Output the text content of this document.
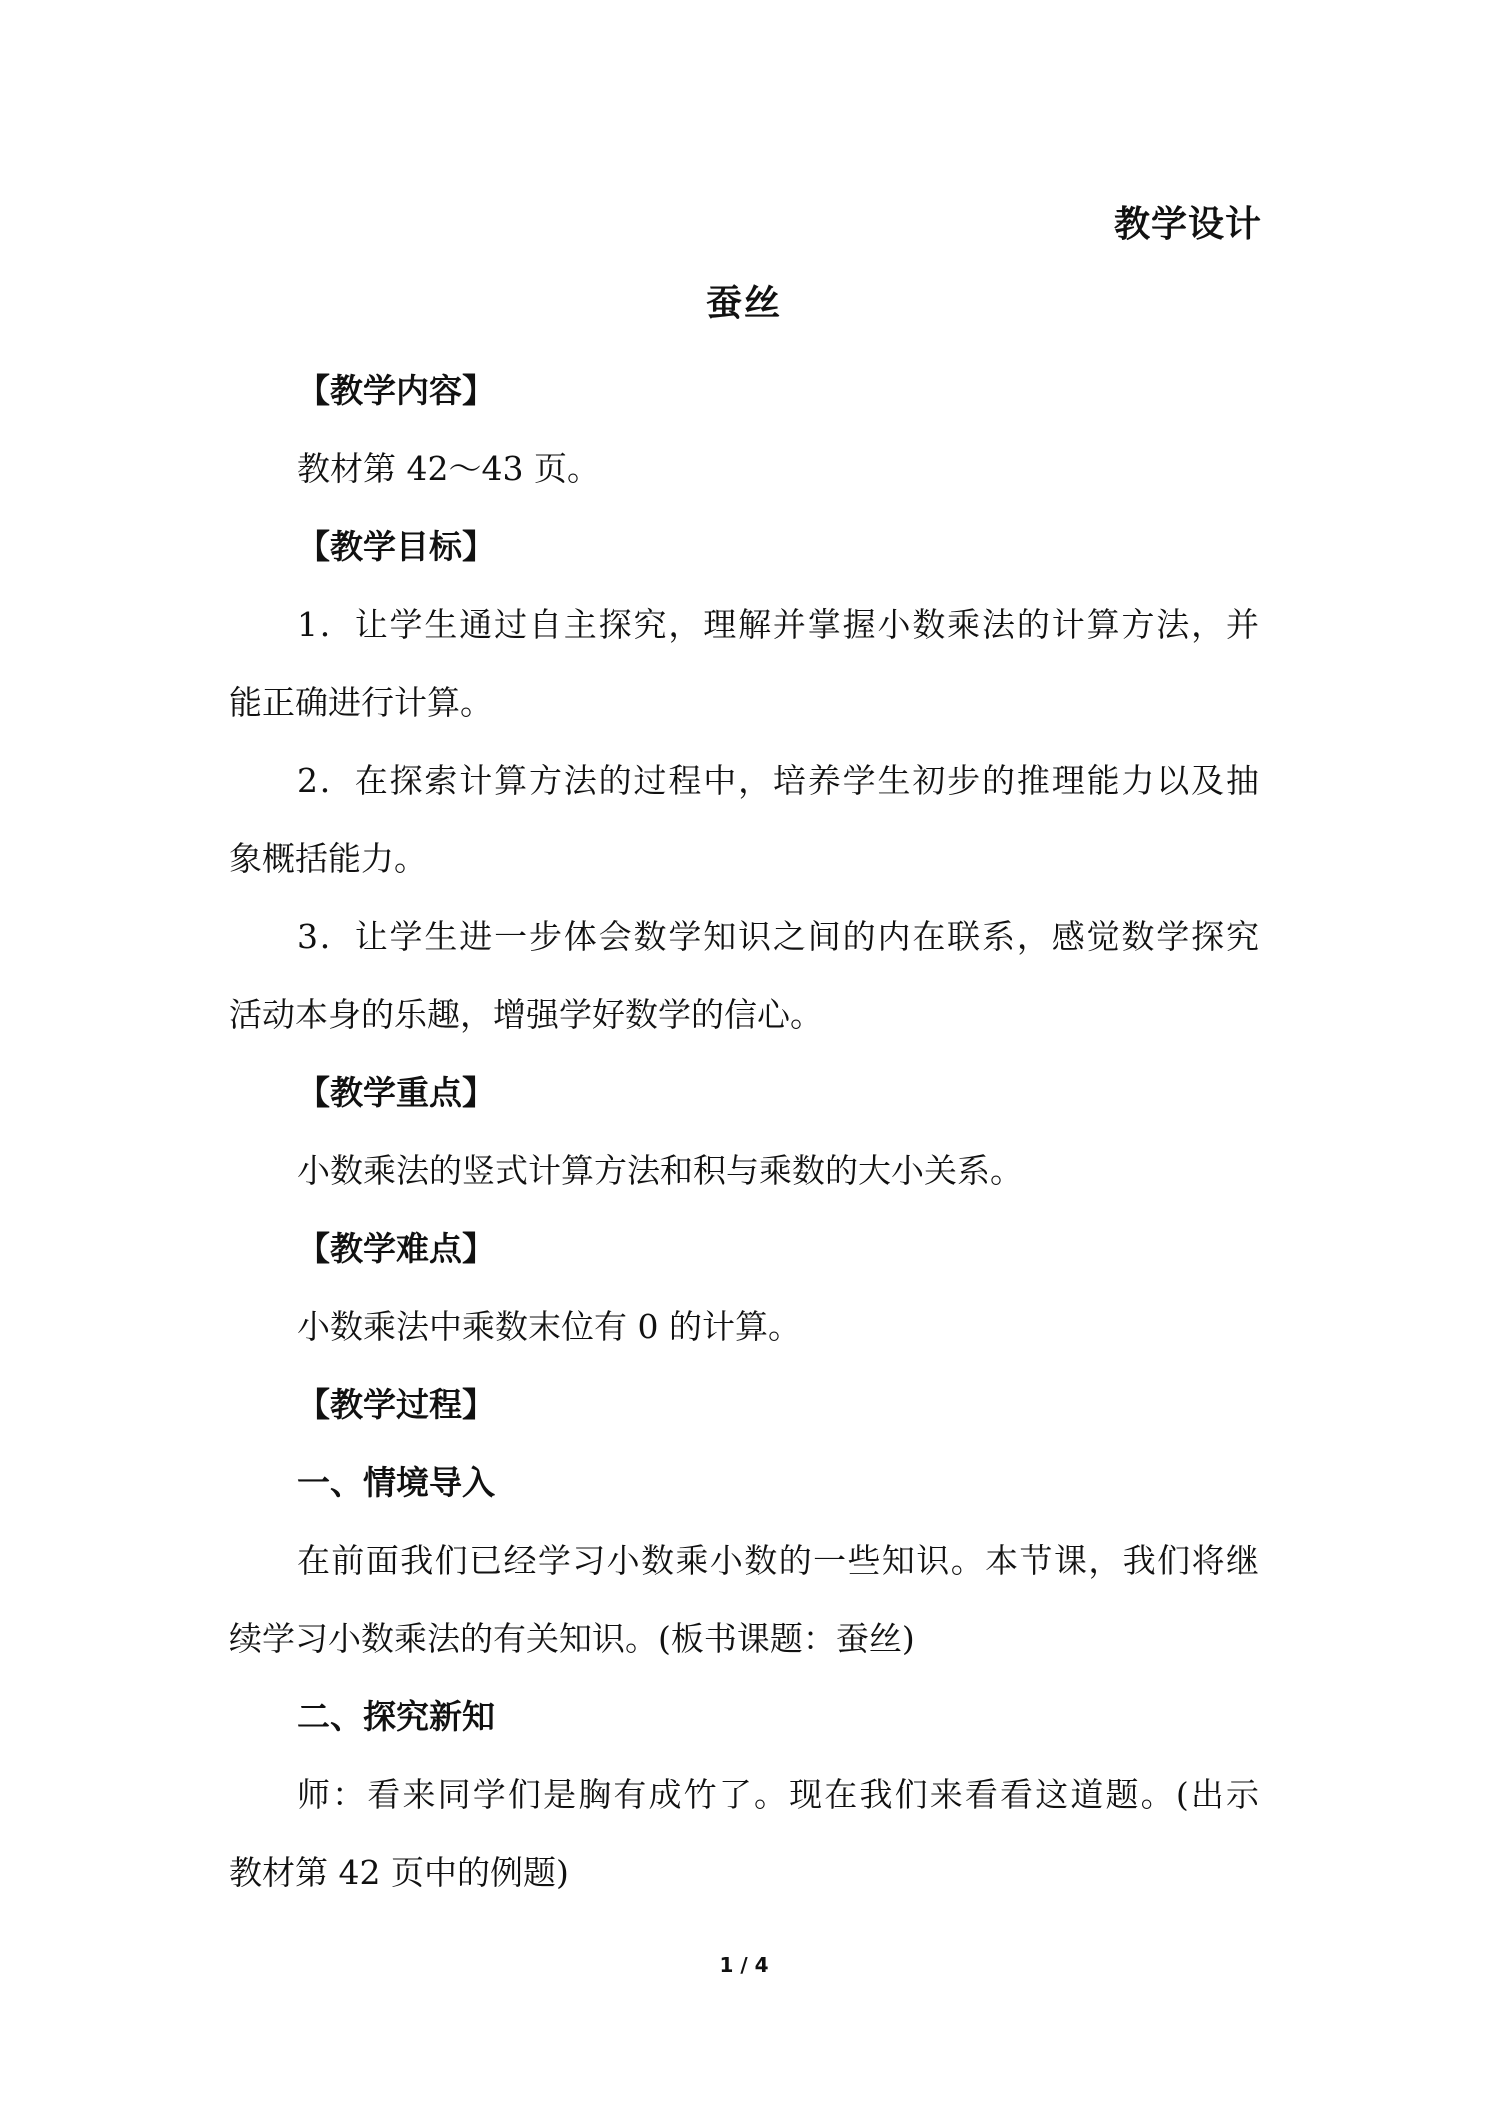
教学设计
蚕丝
【教学内容】
教材第 42～43 页。
【教学目标】
1．让学生通过自主探究，理解并掌握小数乘法的计算方法，并
能正确进行计算。
2．在探索计算方法的过程中，培养学生初步的推理能力以及抽
象概括能力。
3．让学生进一步体会数学知识之间的内在联系，感觉数学探究
活动本身的乐趣，增强学好数学的信心。
【教学重点】
小数乘法的竖式计算方法和积与乘数的大小关系。
【教学难点】
小数乘法中乘数末位有 0 的计算。
【教学过程】
一、情境导入
在前面我们已经学习小数乘小数的一些知识。本节课，我们将继
续学习小数乘法的有关知识。(板书课题：蚕丝)
二、探究新知
师：看来同学们是胸有成竹了。现在我们来看看这道题。(出示
教材第 42 页中的例题)
1 / 4
